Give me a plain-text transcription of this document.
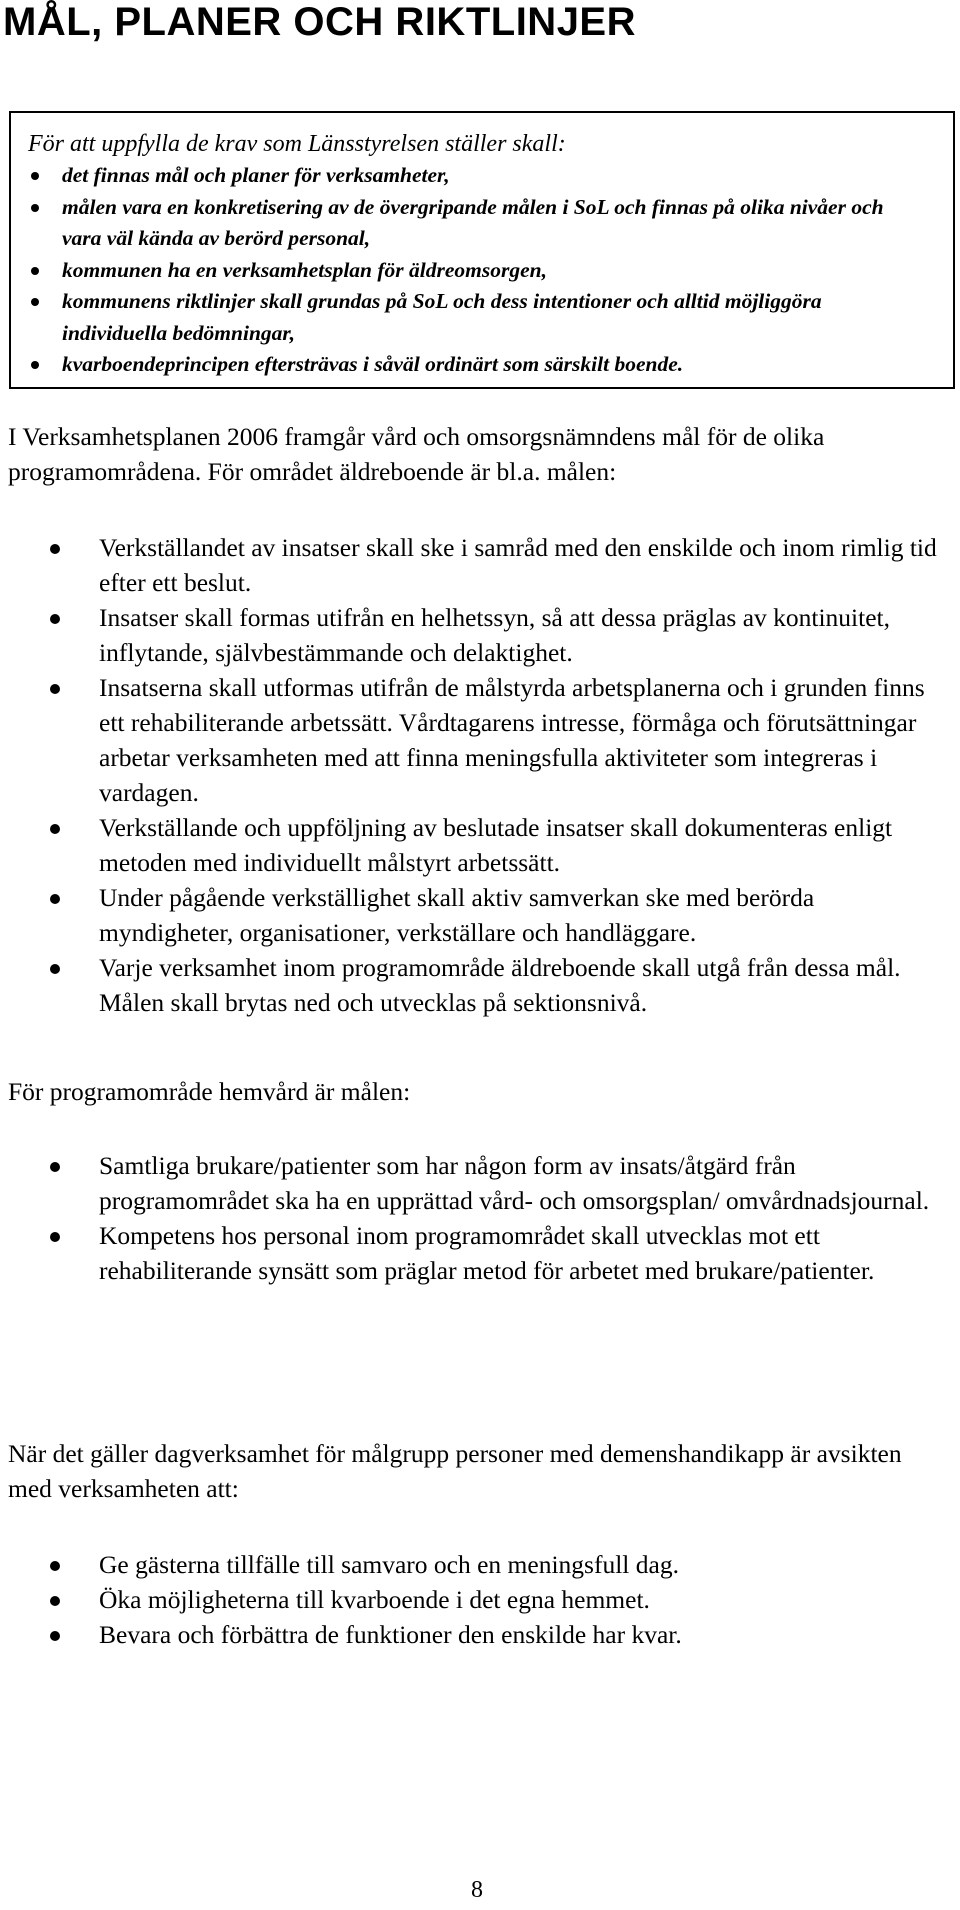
MÅL, PLANER OCH RIKTLINJER

För att uppfylla de krav som Länsstyrelsen ställer skall:

det finnas mål och planer för verksamheter,
målen vara en konkretisering av de övergripande målen i SoL och finnas på olika nivåer och vara väl kända av berörd personal,
kommunen ha en verksamhetsplan för äldreomsorgen,
kommunens riktlinjer skall grundas på SoL och dess intentioner och alltid möjliggöra individuella bedömningar,
kvarboendeprincipen eftersträvas i såväl ordinärt som särskilt boende.

I Verksamhetsplanen 2006 framgår vård och omsorgsnämndens mål för de olika programområdena. För området äldreboende är bl.a. målen:

Verkställandet av insatser skall ske i samråd med den enskilde och inom rimlig tid efter ett beslut.
Insatser skall formas utifrån en helhetssyn, så att dessa präglas av kontinuitet, inflytande, självbestämmande och delaktighet.
Insatserna skall utformas utifrån de målstyrda arbetsplanerna och i grunden finns ett rehabiliterande arbetssätt. Vårdtagarens intresse, förmåga och förutsättningar arbetar verksamheten med att finna meningsfulla aktiviteter som integreras i vardagen.
Verkställande och uppföljning av beslutade insatser skall dokumenteras enligt metoden med individuellt målstyrt arbetssätt.
Under pågående verkställighet skall aktiv samverkan ske med berörda myndigheter, organisationer, verkställare och handläggare.
Varje verksamhet inom programområde äldreboende skall utgå från dessa mål. Målen skall brytas ned och utvecklas på sektionsnivå.

För programområde hemvård är målen:

Samtliga brukare/patienter som har någon form av insats/åtgärd från programområdet ska ha en upprättad vård- och omsorgsplan/ omvårdnadsjournal.
Kompetens hos personal inom programområdet skall utvecklas mot ett rehabiliterande synsätt som präglar metod för arbetet med brukare/patienter.

När det gäller dagverksamhet för målgrupp personer med demenshandikapp är avsikten med verksamheten att:

Ge gästerna tillfälle till samvaro och en meningsfull dag.
Öka möjligheterna till kvarboende i det egna hemmet.
Bevara och förbättra de funktioner den enskilde har kvar.

8
